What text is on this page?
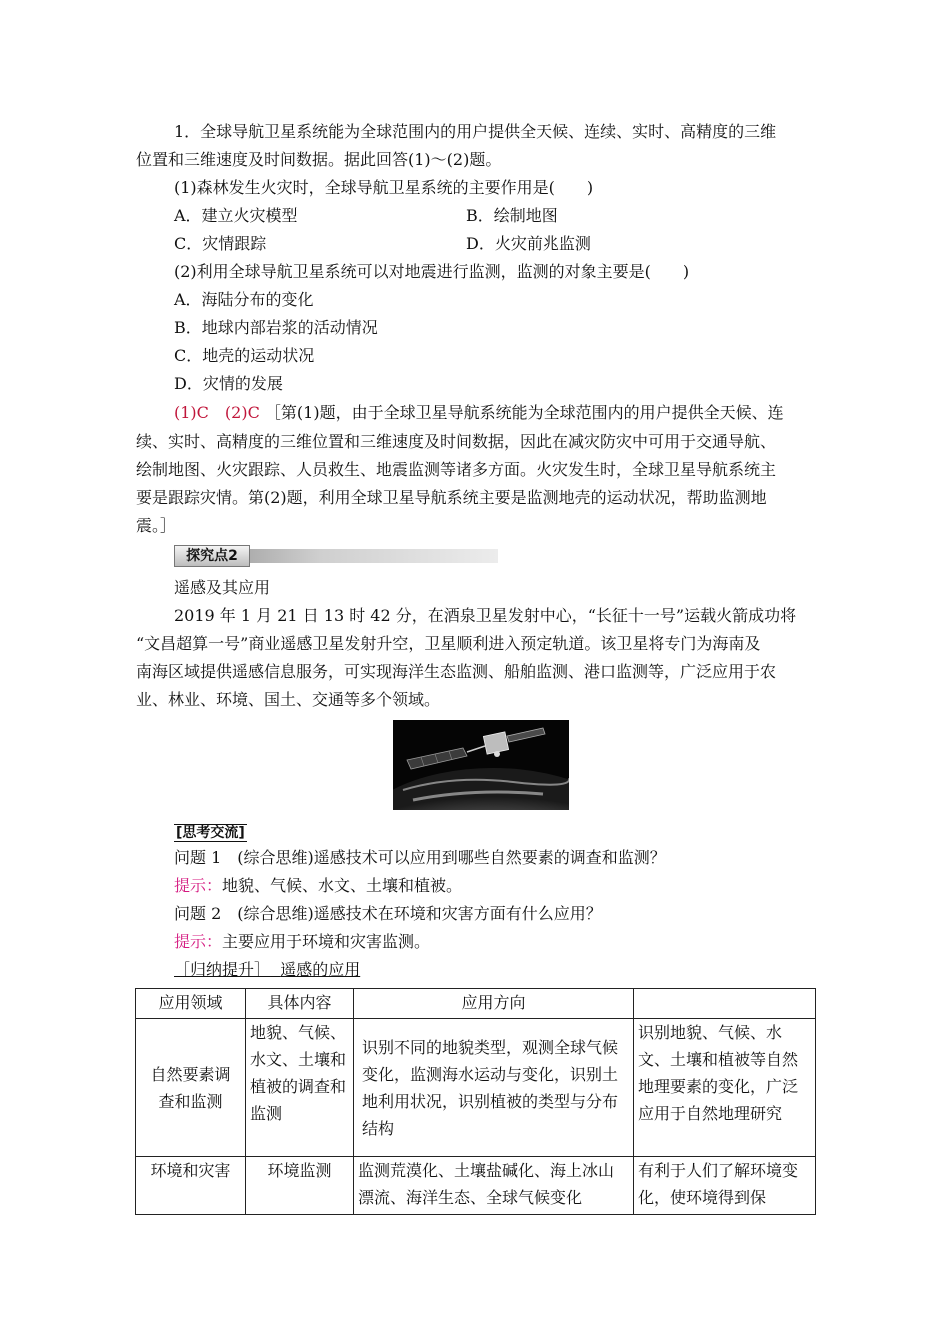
1．全球导航卫星系统能为全球范围内的用户提供全天候、连续、实时、高精度的三维
位置和三维速度及时间数据。据此回答(1)～(2)题。
(1)森林发生火灾时，全球导航卫星系统的主要作用是(　　)
A．建立火灾模型	B．绘制地图
C．灾情跟踪	D．火灾前兆监测
(2)利用全球导航卫星系统可以对地震进行监测，监测的对象主要是(　　)
A．海陆分布的变化
B．地球内部岩浆的活动情况
C．地壳的运动状况
D．灾情的发展
(1)C　(2)C ［第(1)题，由于全球卫星导航系统能为全球范围内的用户提供全天候、连
续、实时、高精度的三维位置和三维速度及时间数据，因此在减灾防灾中可用于交通导航、
绘制地图、火灾跟踪、人员救生、地震监测等诸多方面。火灾发生时，全球卫星导航系统主
要是跟踪灾情。第(2)题，利用全球卫星导航系统主要是监测地壳的运动状况，帮助监测地
震。］
探究点2
遥感及其应用
2019 年 1 月 21 日 13 时 42 分，在酒泉卫星发射中心，“长征十一号”运载火箭成功将
“文昌超算一号”商业遥感卫星发射升空，卫星顺利进入预定轨道。该卫星将专门为海南及
南海区域提供遥感信息服务，可实现海洋生态监测、船舶监测、港口监测等，广泛应用于农
业、林业、环境、国土、交通等多个领域。
[思考交流]
问题 1　(综合思维)遥感技术可以应用到哪些自然要素的调查和监测？
提示：地貌、气候、水文、土壤和植被。
问题 2　(综合思维)遥感技术在环境和灾害方面有什么应用？
提示：主要应用于环境和灾害监测。
［归纳提升］ 遥感的应用
应用领域	具体内容	应用方向	
自然要素调查和监测	地貌、气候、水文、土壤和植被的调查和监测	识别不同的地貌类型，观测全球气候变化，监测海水运动与变化，识别土地利用状况，识别植被的类型与分布结构	识别地貌、气候、水文、土壤和植被等自然地理要素的变化，广泛应用于自然地理研究
环境和灾害	环境监测	监测荒漠化、土壤盐碱化、海上冰山漂流、海洋生态、全球气候变化	有利于人们了解环境变化，使环境得到保
